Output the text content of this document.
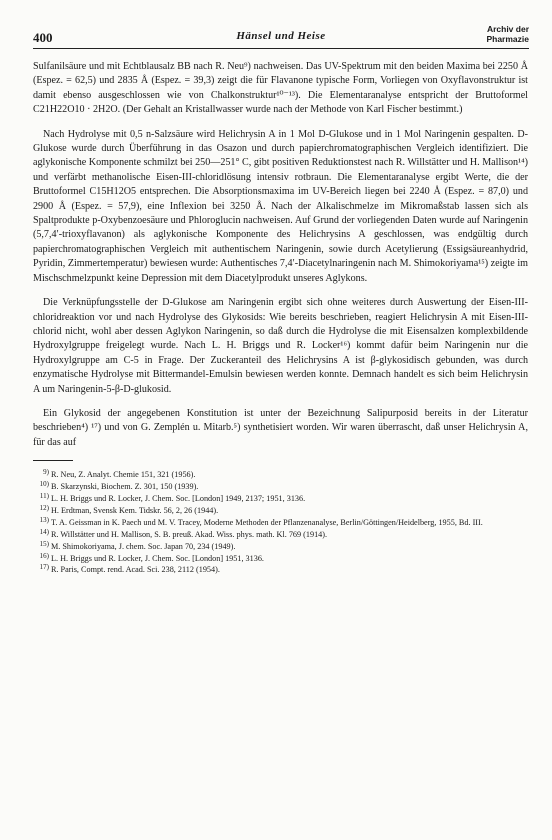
400	Hänsel und Heise
Archiv der
Pharmazie

Sulfanilsäure und mit Echtblausalz BB nach R. Neu⁹) nachweisen. Das UV-Spektrum mit den beiden Maxima bei 2250 Å (Espez. = 62,5) und 2835 Å (Espez. = 39,3) zeigt die für Flavanone typische Form, Vorliegen von Oxyflavonstruktur ist damit ebenso ausgeschlossen wie von Chalkonstruktur¹⁰⁻¹³). Die Elementaranalyse entspricht der Bruttoformel C21H22O10 · 2H2O. (Der Gehalt an Kristallwasser wurde nach der Methode von Karl Fischer bestimmt.)

Nach Hydrolyse mit 0,5 n-Salzsäure wird Helichrysin A in 1 Mol D-Glukose und in 1 Mol Naringenin gespalten. D-Glukose wurde durch Überführung in das Osazon und durch papierchromatographischen Vergleich identifiziert. Die aglykonische Komponente schmilzt bei 250—251° C, gibt positiven Reduktionstest nach R. Willstätter und H. Mallison¹⁴) und verfärbt methanolische Eisen-III-chloridlösung intensiv rotbraun. Die Elementaranalyse ergibt Werte, die der Bruttoformel C15H12O5 entsprechen. Die Absorptionsmaxima im UV-Bereich liegen bei 2240 Å (Espez. = 87,0) und 2900 Å (Espez. = 57,9), eine Inflexion bei 3250 Å. Nach der Alkalischmelze im Mikromaßstab lassen sich als Spaltprodukte p-Oxybenzoesäure und Phloroglucin nachweisen. Auf Grund der vorliegenden Daten wurde auf Naringenin (5,7,4′-trioxyflavanon) als aglykonische Komponente des Helichrysins A geschlossen, was endgültig durch papierchromatographischen Vergleich mit authentischem Naringenin, sowie durch Acetylierung (Essigsäureanhydrid, Pyridin, Zimmertemperatur) bewiesen wurde: Authentisches 7,4′-Diacetylnaringenin nach M. Shimokoriyama¹⁵) zeigte im Mischschmelzpunkt keine Depression mit dem Diacetylprodukt unseres Aglykons.

Die Verknüpfungsstelle der D-Glukose am Naringenin ergibt sich ohne weiteres durch Auswertung der Eisen-III-chloridreaktion vor und nach Hydrolyse des Glykosids: Wie bereits beschrieben, reagiert Helichrysin A mit Eisen-III-chlorid nicht, wohl aber dessen Aglykon Naringenin, so daß durch die Hydrolyse die mit Eisensalzen komplexbildende Hydroxylgruppe freigelegt wurde. Nach L. H. Briggs und R. Locker¹⁶) kommt dafür beim Naringenin nur die Hydroxylgruppe am C-5 in Frage. Der Zuckeranteil des Helichrysins A ist β-glykosidisch gebunden, was durch enzymatische Hydrolyse mit Bittermandel-Emulsin bewiesen werden konnte. Demnach handelt es sich beim Helichrysin A um Naringenin-5-β-D-glukosid.

Ein Glykosid der angegebenen Konstitution ist unter der Bezeichnung Salipurposid bereits in der Literatur beschrieben⁴) ¹⁷) und von G. Zemplén u. Mitarb.⁵) synthetisiert worden. Wir waren überrascht, daß unser Helichrysin A, für das auf

9) R. Neu, Z. Analyt. Chemie 151, 321 (1956).
10) B. Skarzynski, Biochem. Z. 301, 150 (1939).
11) L. H. Briggs und R. Locker, J. Chem. Soc. [London] 1949, 2137; 1951, 3136.
12) H. Erdtman, Svensk Kem. Tidskr. 56, 2, 26 (1944).
13) T. A. Geissman in K. Paech und M. V. Tracey, Moderne Methoden der Pflanzenanalyse, Berlin/Göttingen/Heidelberg, 1955, Bd. III.
14) R. Willstätter und H. Mallison, S. B. preuß. Akad. Wiss. phys. math. Kl. 769 (1914).
15) M. Shimokoriyama, J. chem. Soc. Japan 70, 234 (1949).
16) L. H. Briggs und R. Locker, J. Chem. Soc. [London] 1951, 3136.
17) R. Paris, Compt. rend. Acad. Sci. 238, 2112 (1954).
